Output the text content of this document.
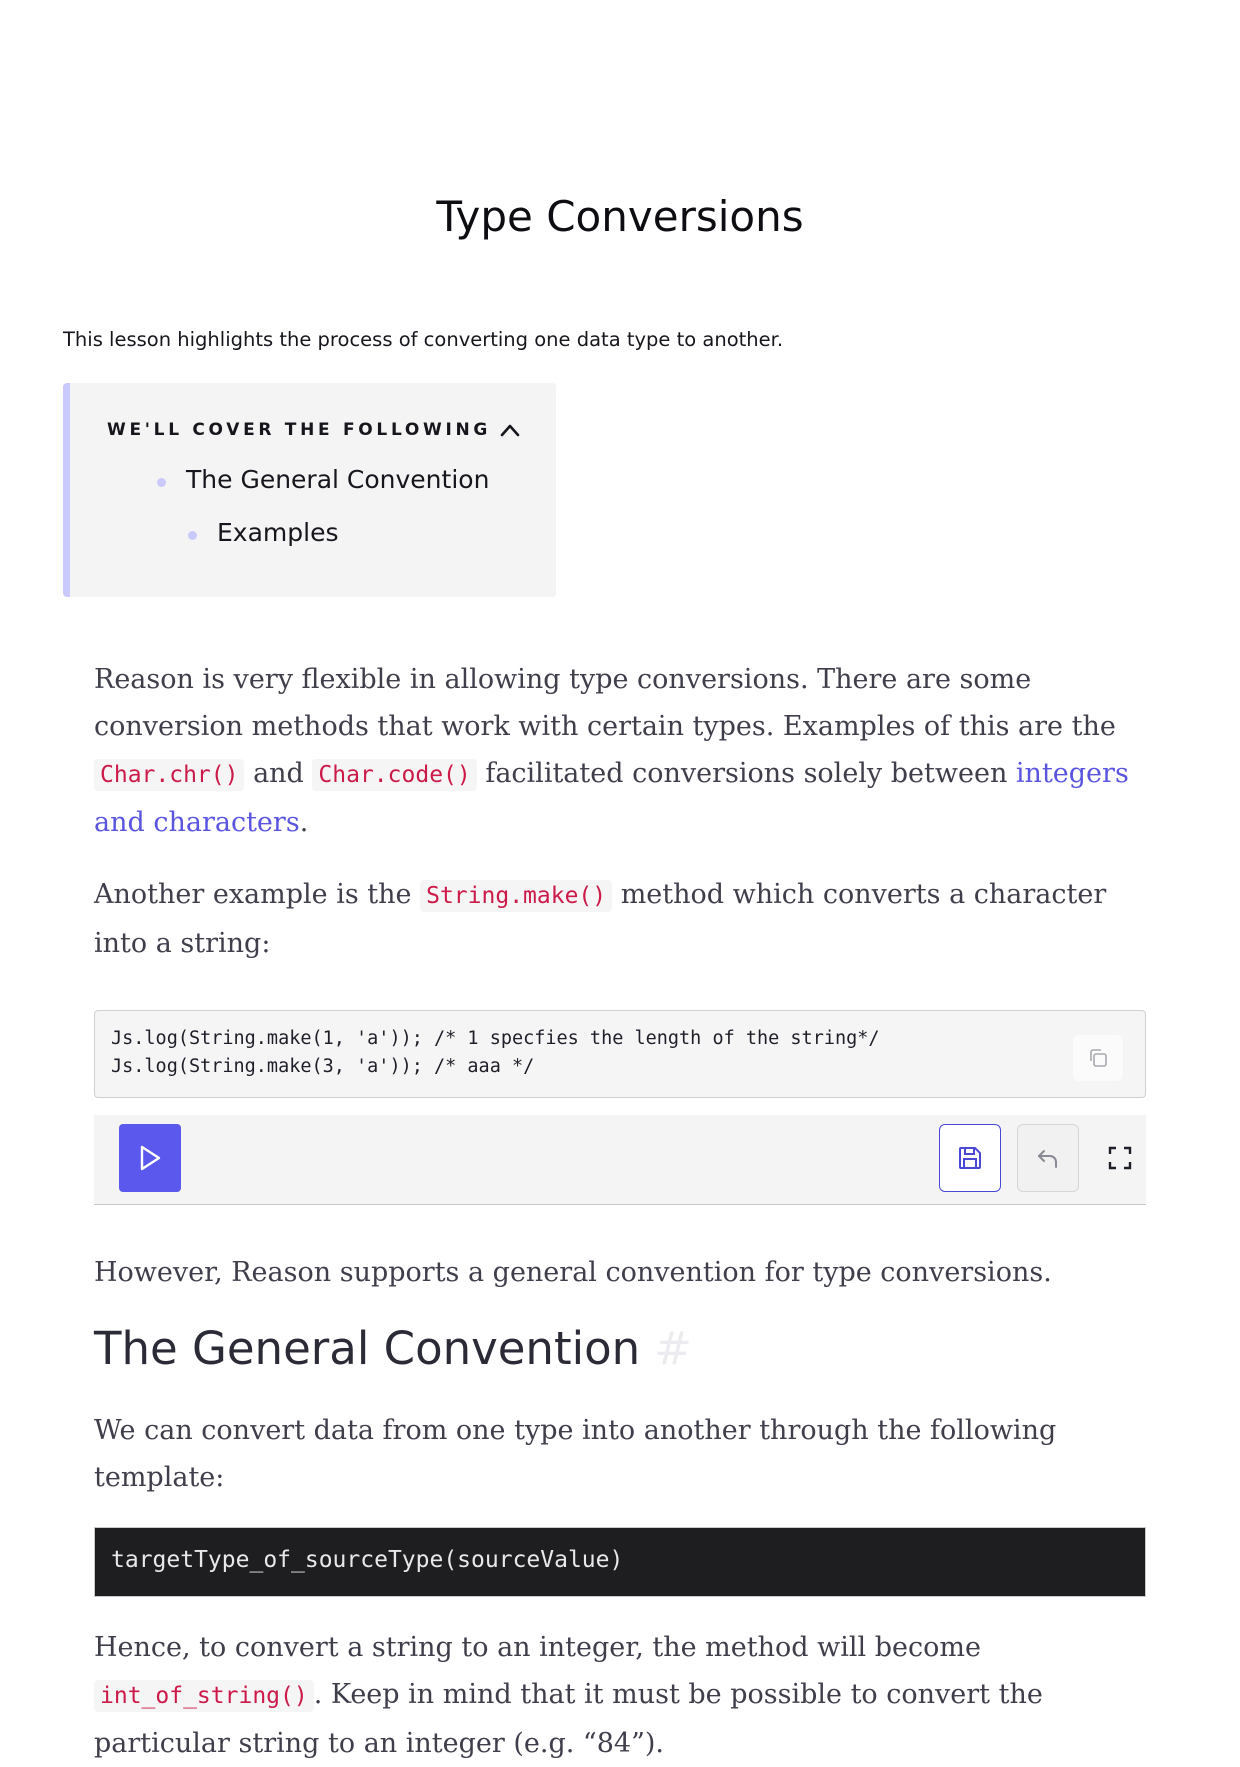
Type Conversions

This lesson highlights the process of converting one data type to another.

WE'LL COVER THE FOLLOWING
The General Convention
Examples

Reason is very flexible in allowing type conversions. There are some conversion methods that work with certain types. Examples of this are the Char.chr() and Char.code() facilitated conversions solely between integers and characters.

Another example is the String.make() method which converts a character into a string:

Js.log(String.make(1, 'a')); /* 1 specfies the length of the string*/
Js.log(String.make(3, 'a')); /* aaa */

However, Reason supports a general convention for type conversions.

The General Convention #

We can convert data from one type into another through the following template:

targetType_of_sourceType(sourceValue)

Hence, to convert a string to an integer, the method will become int_of_string() . Keep in mind that it must be possible to convert the particular string to an integer (e.g. “84”).
